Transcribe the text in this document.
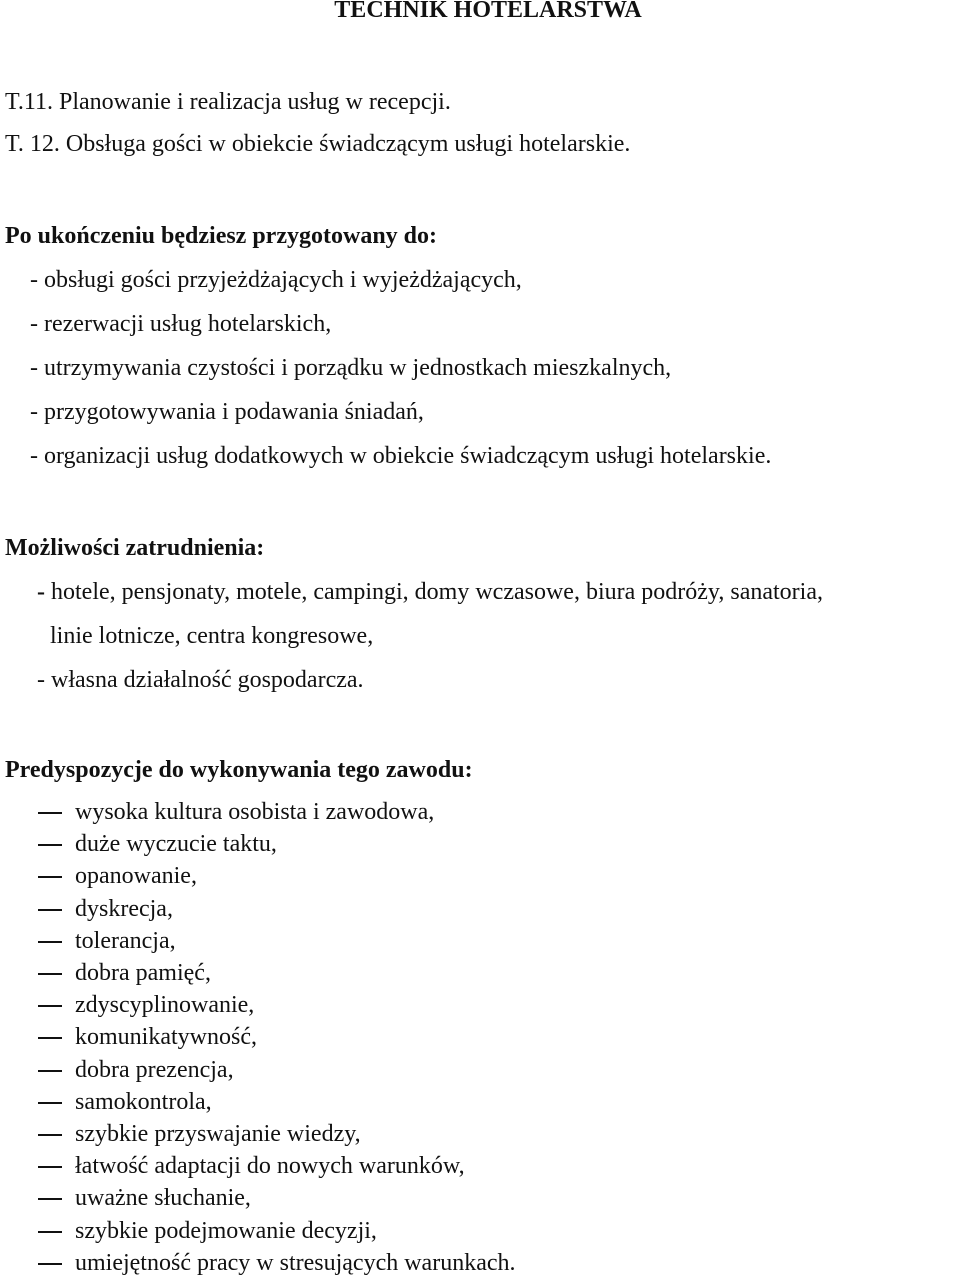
TECHNIK HOTELARSTWA
T.11. Planowanie i realizacja usług w recepcji.
T. 12. Obsługa gości w obiekcie świadczącym usługi hotelarskie.
Po ukończeniu będziesz przygotowany do:
- obsługi gości przyjeżdżających i wyjeżdżających,
- rezerwacji usług hotelarskich,
- utrzymywania czystości i porządku w jednostkach mieszkalnych,
- przygotowywania i podawania śniadań,
- organizacji usług dodatkowych w obiekcie świadczącym usługi hotelarskie.
Możliwości zatrudnienia:
- hotele, pensjonaty, motele, campingi, domy wczasowe, biura podróży, sanatoria,
linie lotnicze, centra kongresowe,
- własna działalność gospodarcza.
Predyspozycje do wykonywania tego zawodu:
wysoka kultura osobista i zawodowa,
duże wyczucie taktu,
opanowanie,
dyskrecja,
tolerancja,
dobra pamięć,
zdyscyplinowanie,
komunikatywność,
dobra prezencja,
samokontrola,
szybkie przyswajanie wiedzy,
łatwość adaptacji do nowych warunków,
uważne słuchanie,
szybkie podejmowanie decyzji,
umiejętność pracy w stresujących warunkach.
